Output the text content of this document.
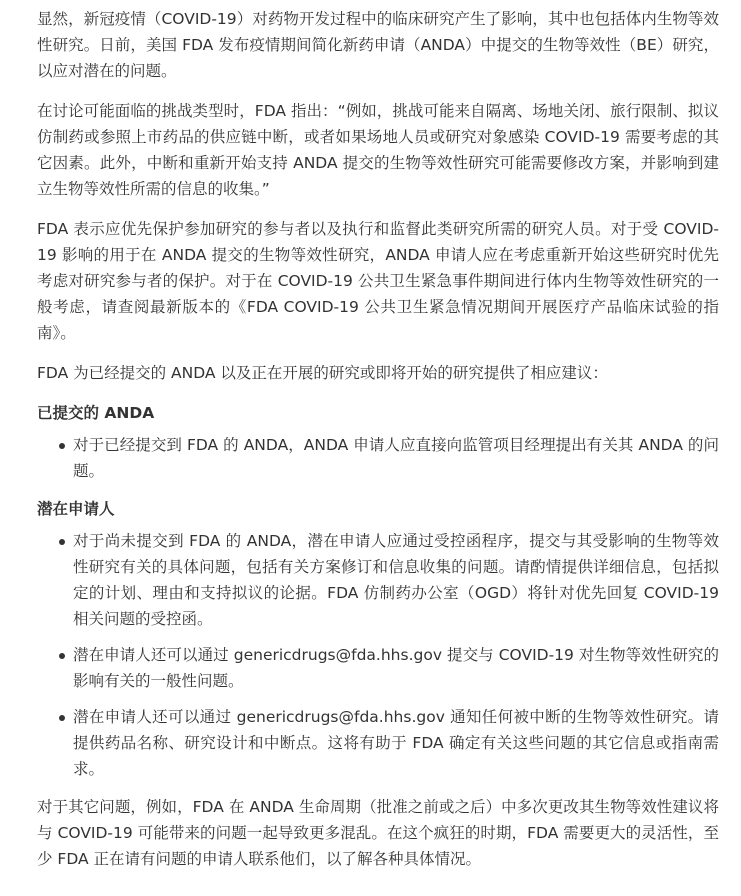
显然，新冠疫情（COVID-19）对药物开发过程中的临床研究产生了影响，其中也包括体内生物等效性研究。日前，美国 FDA 发布疫情期间简化新药申请（ANDA）中提交的生物等效性（BE）研究，以应对潜在的问题。

在讨论可能面临的挑战类型时，FDA 指出：“例如，挑战可能来自隔离、场地关闭、旅行限制、拟议仿制药或参照上市药品的供应链中断，或者如果场地人员或研究对象感染 COVID-19 需要考虑的其它因素。此外，中断和重新开始支持 ANDA 提交的生物等效性研究可能需要修改方案，并影响到建立生物等效性所需的信息的收集。”

FDA 表示应优先保护参加研究的参与者以及执行和监督此类研究所需的研究人员。对于受 COVID-19 影响的用于在 ANDA 提交的生物等效性研究，ANDA 申请人应在考虑重新开始这些研究时优先考虑对研究参与者的保护。对于在 COVID-19 公共卫生紧急事件期间进行体内生物等效性研究的一般考虑，请查阅最新版本的《FDA COVID-19 公共卫生紧急情况期间开展医疗产品临床试验的指南》。

FDA 为已经提交的 ANDA 以及正在开展的研究或即将开始的研究提供了相应建议：

已提交的 ANDA
对于已经提交到 FDA 的 ANDA，ANDA 申请人应直接向监管项目经理提出有关其 ANDA 的问题。
潜在申请人
对于尚未提交到 FDA 的 ANDA，潜在申请人应通过受控函程序，提交与其受影响的生物等效性研究有关的具体问题，包括有关方案修订和信息收集的问题。请酌情提供详细信息，包括拟定的计划、理由和支持拟议的论据。FDA 仿制药办公室（OGD）将针对优先回复 COVID-19 相关问题的受控函。
潜在申请人还可以通过 genericdrugs@fda.hhs.gov 提交与 COVID-19 对生物等效性研究的影响有关的一般性问题。
潜在申请人还可以通过 genericdrugs@fda.hhs.gov 通知任何被中断的生物等效性研究。请提供药品名称、研究设计和中断点。这将有助于 FDA 确定有关这些问题的其它信息或指南需求。

对于其它问题，例如，FDA 在 ANDA 生命周期（批准之前或之后）中多次更改其生物等效性建议将与 COVID-19 可能带来的问题一起导致更多混乱。在这个疯狂的时期，FDA 需要更大的灵活性，至少 FDA 正在请有问题的申请人联系他们，以了解各种具体情况。
